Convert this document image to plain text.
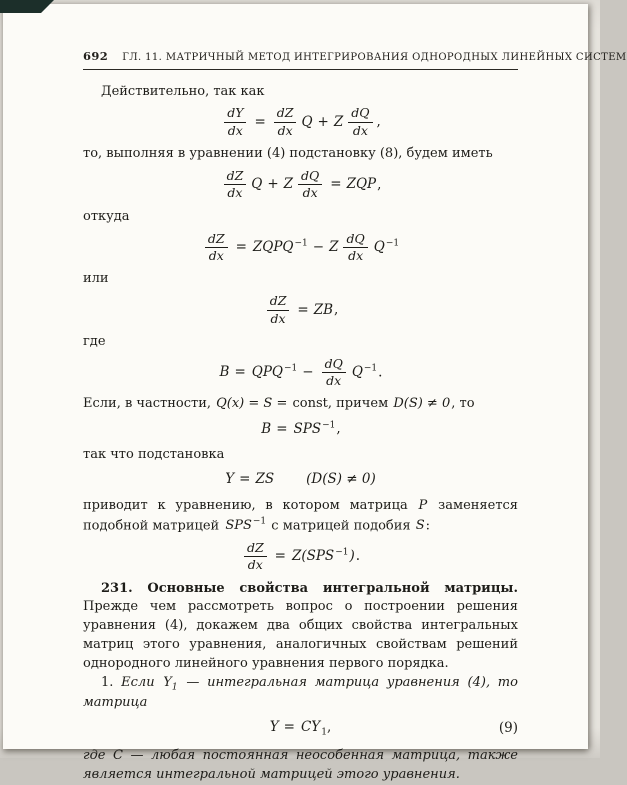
692 ГЛ. 11. МАТРИЧНЫЙ МЕТОД ИНТЕГРИРОВАНИЯ ОДНОРОДНЫХ ЛИНЕЙНЫХ СИСТЕМ

Действительно, так как

$\frac{dY}{dx} = \frac{dZ}{dx}$ Q + Z $\frac{dQ}{dx}$ ,

то, выполняя в уравнении (4) подстановку (8), будем иметь

$\frac{dZ}{dx}$ Q + Z $\frac{dQ}{dx}$ = ZQP,

откуда

$\frac{dZ}{dx}$ = $ZQPQ^{-1} - Z \frac{dQ}{dx} Q^{-1}$

или

$\frac{dZ}{dx}$ = ZB,

где

$B = QPQ^{-1} - \frac{dQ}{dx} Q^{-1}$.

Если, в частности, Q(x) = S = const, причем D(S) ≠ 0, то

$B = SPS^{-1}$,

так что подстановка

Y = ZS (D(S) ≠ 0)

приводит к уравнению, в котором матрица P заменяется подобной матрицей $SPS^{-1}$ с матрицей подобия S:

$\frac{dZ}{dx} = Z(SPS^{-1})$.

231. Основные свойства интегральной матрицы. Прежде чем рассмотреть вопрос о построении решения уравнения (4), докажем два общих свойства интегральных матриц этого уравнения, аналогичных свойствам решений однородного линейного уравнения первого порядка.

1. Если $Y_1$ — интегральная матрица уравнения (4), то матрица

$Y = CY_1$,	(9)

где C — любая постоянная неособенная матрица, также является интегральной матрицей этого уравнения.
